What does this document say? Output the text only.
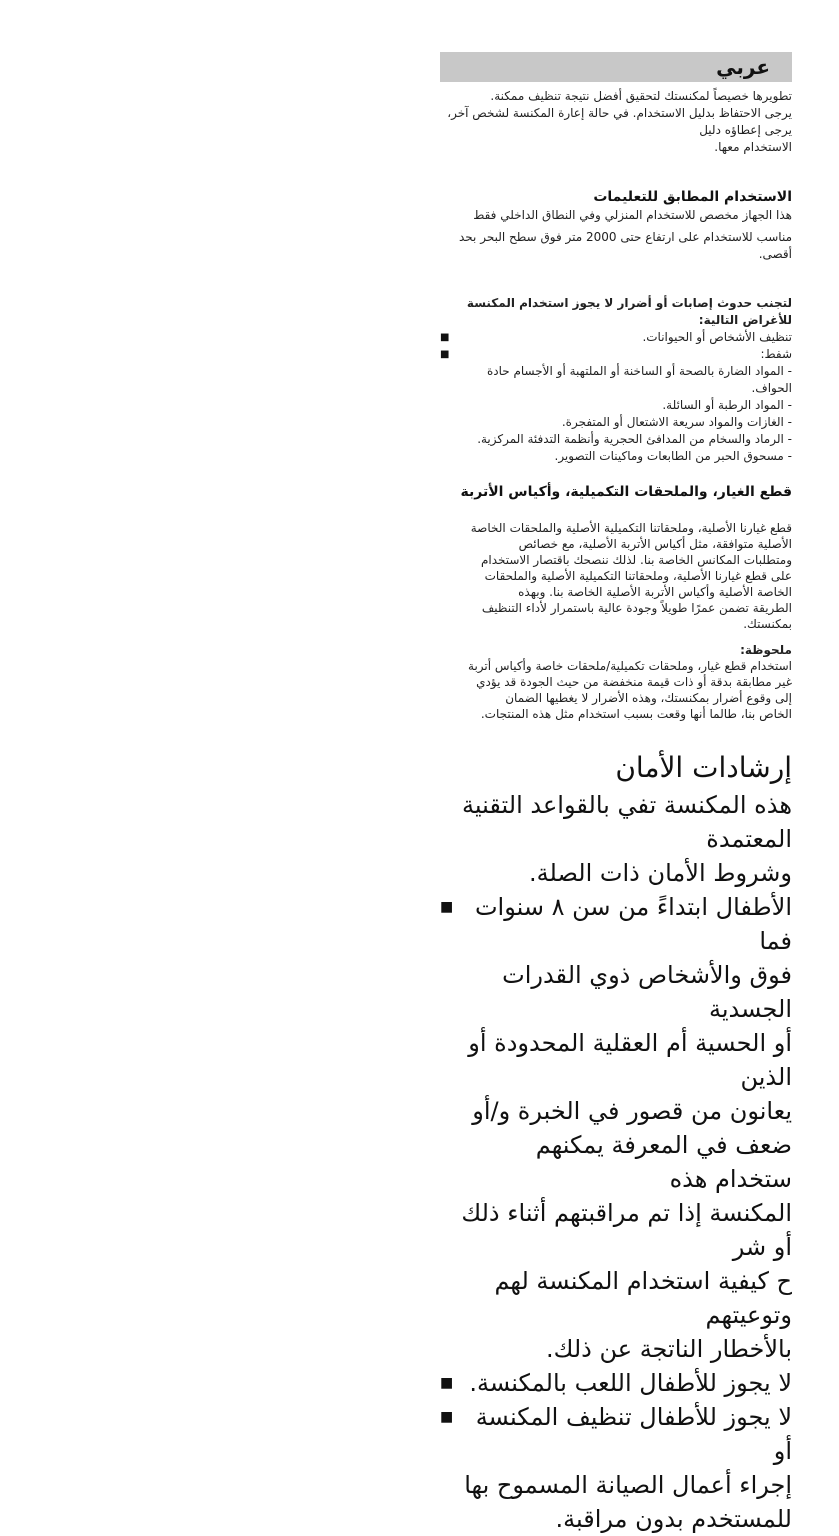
عربي
تطويرها خصيصاً لمكنستك لتحقيق أفضل نتيجة تنظيف ممكنة.
يرجى الاحتفاظ بدليل الاستخدام. في حالة إعارة المكنسة لشخص آخر، يرجى إعطاؤه دليل
الاستخدام معها.
الاستخدام المطابق للتعليمات
هذا الجهاز مخصص للاستخدام المنزلي وفي النطاق الداخلي فقط
مناسب للاستخدام على ارتفاع حتى 2000 متر فوق سطح البحر بحد أقصى.
لتجنب حدوث إصابات أو أضرار لا يجوز استخدام المكنسة للأغراض التالية:
تنظيف الأشخاص أو الحيوانات.
■
شفط:
■
- المواد الضارة بالصحة أو الساخنة أو الملتهبة أو الأجسام حادة الحواف.
- المواد الرطبة أو السائلة.
- الغازات والمواد سريعة الاشتعال أو المتفجرة.
- الرماد والسخام من المدافئ الحجرية وأنظمة التدفئة المركزية.
- مسحوق الحبر من الطابعات وماكينات التصوير.
قطع الغيار، والملحقات التكميلية، وأكياس الأتربة
قطع غيارنا الأصلية، وملحقاتنا التكميلية الأصلية والملحقات الخاصة
الأصلية متوافقة، مثل أكياس الأتربة الأصلية، مع خصائص
ومتطلبات المكانس الخاصة بنا. لذلك ننصحك باقتصار الاستخدام
على قطع غيارنا الأصلية، وملحقاتنا التكميلية الأصلية والملحقات
الخاصة الأصلية وأكياس الأتربة الأصلية الخاصة بنا. وبهذه
الطريقة تضمن عمرًا طويلاً وجودة عالية باستمرار لأداء التنظيف
بمكنستك.
ملحوظة:
استخدام قطع غيار، وملحقات تكميلية/ملحقات خاصة وأكياس أتربة
غير مطابقة بدقة أو ذات قيمة منخفضة من حيث الجودة قد يؤدي
إلى وقوع أضرار بمكنستك، وهذه الأضرار لا يغطيها الضمان
الخاص بنا، طالما أنها وقعت بسبب استخدام مثل هذه المنتجات.
إرشادات الأمان
هذه المكنسة تفي بالقواعد التقنية المعتمدة
وشروط الأمان ذات الصلة.
الأطفال ابتداءً من سن ٨ سنوات فما
فوق والأشخاص ذوي القدرات الجسدية
أو الحسية أم العقلية المحدودة أو الذين
يعانون من قصور في الخبرة و/أو
ضعف في المعرفة يمكنهم ستخدام هذه
المكنسة إذا تم مراقبتهم أثناء ذلك أو شر
ح كيفية استخدام المكنسة لهم وتوعيتهم
بالأخطار الناتجة عن ذلك.
■
لا يجوز للأطفال اللعب بالمكنسة.
■
لا يجوز للأطفال تنظيف المكنسة أو
إجراء أعمال الصيانة المسموح بها
للمستخدم بدون مراقبة.
■
